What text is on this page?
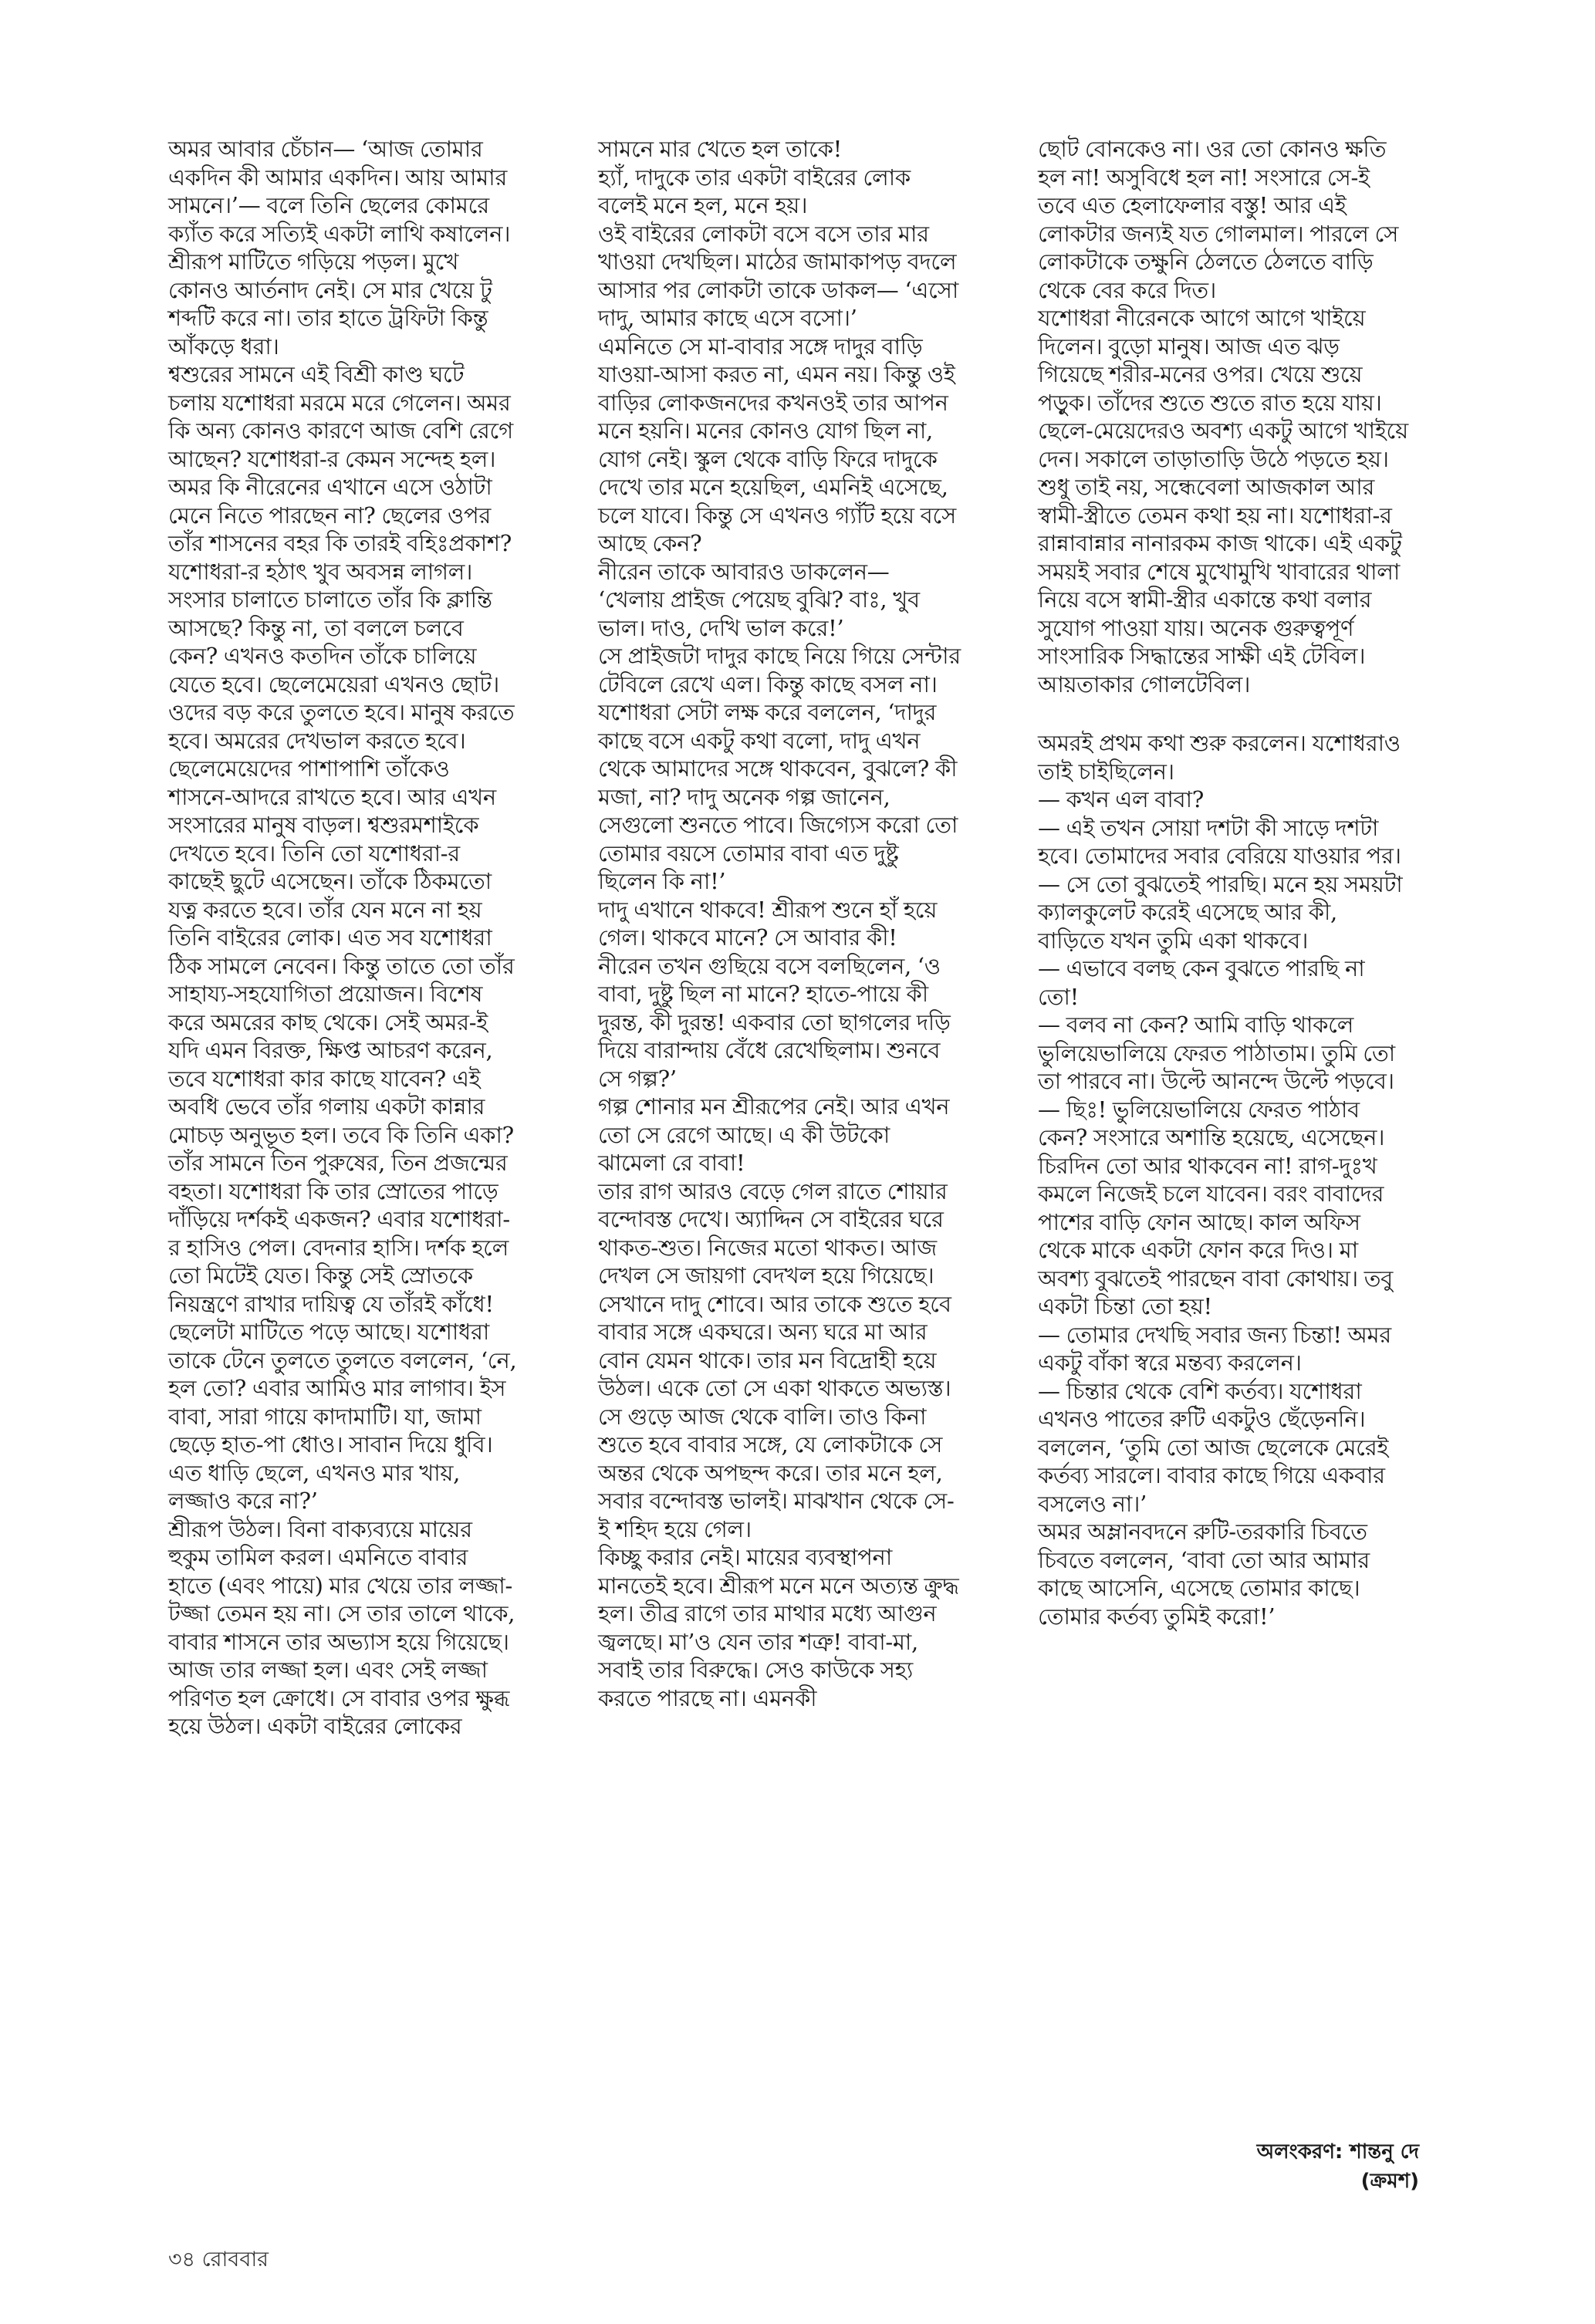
অমর আবার চেঁচান— ‘আজ তোমার একদিন কী আমার একদিন। আয় আমার সামনে।’— বলে তিনি ছেলের কোমরে ক্যাঁত করে সত্যিই একটা লাথি কষালেন। শ্রীরূপ মাটিতে গড়িয়ে পড়ল। মুখে কোনও আর্তনাদ নেই। সে মার খেয়ে টু শব্দটি করে না। তার হাতে ট্রফিটা কিন্তু আঁকড়ে ধরা।

শ্বশুরের সামনে এই বিশ্রী কাণ্ড ঘটে চলায় যশোধরা মরমে মরে গেলেন। অমর কি অন্য কোনও কারণে আজ বেশি রেগে আছেন? যশোধরা-র কেমন সন্দেহ হল। অমর কি নীরেনের এখানে এসে ওঠাটা মেনে নিতে পারছেন না? ছেলের ওপর তাঁর শাসনের বহর কি তারই বহিঃপ্রকাশ?

যশোধরা-র হঠাৎ খুব অবসন্ন লাগল। সংসার চালাতে চালাতে তাঁর কি ক্লান্তি আসছে? কিন্তু না, তা বললে চলবে কেন? এখনও কতদিন তাঁকে চালিয়ে যেতে হবে। ছেলেমেয়েরা এখনও ছোট। ওদের বড় করে তুলতে হবে। মানুষ করতে হবে। অমরের দেখভাল করতে হবে। ছেলেমেয়েদের পাশাপাশি তাঁকেও শাসনে-আদরে রাখতে হবে। আর এখন সংসারের মানুষ বাড়ল। শ্বশুরমশাইকে দেখতে হবে। তিনি তো যশোধরা-র কাছেই ছুটে এসেছেন। তাঁকে ঠিকমতো যত্ন করতে হবে। তাঁর যেন মনে না হয় তিনি বাইরের লোক। এত সব যশোধরা ঠিক সামলে নেবেন। কিন্তু তাতে তো তাঁর সাহায্য-সহযোগিতা প্রয়োজন। বিশেষ করে অমরের কাছ থেকে। সেই অমর-ই যদি এমন বিরক্ত, ক্ষিপ্ত আচরণ করেন, তবে যশোধরা কার কাছে যাবেন? এই অবধি ভেবে তাঁর গলায় একটা কান্নার মোচড় অনুভূত হল। তবে কি তিনি একা?

তাঁর সামনে তিন পুরুষের, তিন প্রজন্মের বহতা। যশোধরা কি তার স্রোতের পাড়ে দাঁড়িয়ে দর্শকই একজন? এবার যশোধরা-র হাসিও পেল। বেদনার হাসি। দর্শক হলে তো মিটেই যেত। কিন্তু সেই স্রোতকে নিয়ন্ত্রণে রাখার দায়িত্ব যে তাঁরই কাঁধে!

ছেলেটা মাটিতে পড়ে আছে। যশোধরা তাকে টেনে তুলতে তুলতে বললেন, ‘নে, হল তো? এবার আমিও মার লাগাব। ইস বাবা, সারা গায়ে কাদামাটি। যা, জামা ছেড়ে হাত-পা ধোও। সাবান দিয়ে ধুবি। এত ধাড়ি ছেলে, এখনও মার খায়, লজ্জাও করে না?’

শ্রীরূপ উঠল। বিনা বাক্যব্যয়ে মায়ের হুকুম তামিল করল। এমনিতে বাবার হাতে (এবং পায়ে) মার খেয়ে তার লজ্জা-টজ্জা তেমন হয় না। সে তার তালে থাকে, বাবার শাসনে তার অভ্যাস হয়ে গিয়েছে। আজ তার লজ্জা হল। এবং সেই লজ্জা পরিণত হল ক্রোধে। সে বাবার ওপর ক্ষুব্ধ হয়ে উঠল। একটা বাইরের লোকের

সামনে মার খেতে হল তাকে!

হ্যাঁ, দাদুকে তার একটা বাইরের লোক বলেই মনে হল, মনে হয়।

ওই বাইরের লোকটা বসে বসে তার মার খাওয়া দেখছিল। মাঠের জামাকাপড় বদলে আসার পর লোকটা তাকে ডাকল— ‘এসো দাদু, আমার কাছে এসে বসো।’

এমনিতে সে মা-বাবার সঙ্গে দাদুর বাড়ি যাওয়া-আসা করত না, এমন নয়। কিন্তু ওই বাড়ির লোকজনদের কখনওই তার আপন মনে হয়নি। মনের কোনও যোগ ছিল না, যোগ নেই। স্কুল থেকে বাড়ি ফিরে দাদুকে দেখে তার মনে হয়েছিল, এমনিই এসেছে, চলে যাবে। কিন্তু সে এখনও গ্যাঁট হয়ে বসে আছে কেন?

নীরেন তাকে আবারও ডাকলেন— ‘খেলায় প্রাইজ পেয়েছ বুঝি? বাঃ, খুব ভাল। দাও, দেখি ভাল করে!’

সে প্রাইজটা দাদুর কাছে নিয়ে গিয়ে সেন্টার টেবিলে রেখে এল। কিন্তু কাছে বসল না। যশোধরা সেটা লক্ষ করে বললেন, ‘দাদুর কাছে বসে একটু কথা বলো, দাদু এখন থেকে আমাদের সঙ্গে থাকবেন, বুঝলে? কী মজা, না? দাদু অনেক গল্প জানেন, সেগুলো শুনতে পাবে। জিগ্যেস করো তো তোমার বয়সে তোমার বাবা এত দুষ্টু ছিলেন কি না!’

দাদু এখানে থাকবে! শ্রীরূপ শুনে হাঁ হয়ে গেল। থাকবে মানে? সে আবার কী!

নীরেন তখন গুছিয়ে বসে বলছিলেন, ‘ও বাবা, দুষ্টু ছিল না মানে? হাতে-পায়ে কী দুরন্ত, কী দুরন্ত! একবার তো ছাগলের দড়ি দিয়ে বারান্দায় বেঁধে রেখেছিলাম। শুনবে সে গল্প?’

গল্প শোনার মন শ্রীরূপের নেই। আর এখন তো সে রেগে আছে। এ কী উটকো ঝামেলা রে বাবা!

তার রাগ আরও বেড়ে গেল রাতে শোয়ার বন্দোবস্ত দেখে। অ্যাদ্দিন সে বাইরের ঘরে থাকত-শুত। নিজের মতো থাকত। আজ দেখল সে জায়গা বেদখল হয়ে গিয়েছে। সেখানে দাদু শোবে। আর তাকে শুতে হবে বাবার সঙ্গে একঘরে। অন্য ঘরে মা আর বোন যেমন থাকে। তার মন বিদ্রোহী হয়ে উঠল। একে তো সে একা থাকতে অভ্যস্ত। সে গুড়ে আজ থেকে বালি। তাও কিনা শুতে হবে বাবার সঙ্গে, যে লোকটাকে সে অন্তর থেকে অপছন্দ করে। তার মনে হল, সবার বন্দোবস্ত ভালই। মাঝখান থেকে সে-ই শহিদ হয়ে গেল।

কিচ্ছু করার নেই। মায়ের ব্যবস্থাপনা মানতেই হবে। শ্রীরূপ মনে মনে অত্যন্ত ক্রুদ্ধ হল। তীব্র রাগে তার মাথার মধ্যে আগুন জ্বলছে। মা’ও যেন তার শত্রু! বাবা-মা, সবাই তার বিরুদ্ধে। সেও কাউকে সহ্য করতে পারছে না। এমনকী

ছোট বোনকেও না। ওর তো কোনও ক্ষতি হল না! অসুবিধে হল না! সংসারে সে-ই তবে এত হেলাফেলার বস্তু! আর এই লোকটার জন্যই যত গোলমাল। পারলে সে লোকটাকে তক্ষুনি ঠেলতে ঠেলতে বাড়ি থেকে বের করে দিত।

যশোধরা নীরেনকে আগে আগে খাইয়ে দিলেন। বুড়ো মানুষ। আজ এত ঝড় গিয়েছে শরীর-মনের ওপর। খেয়ে শুয়ে পড়ুক। তাঁদের শুতে শুতে রাত হয়ে যায়। ছেলে-মেয়েদেরও অবশ্য একটু আগে খাইয়ে দেন। সকালে তাড়াতাড়ি উঠে পড়তে হয়। শুধু তাই নয়, সন্ধেবেলা আজকাল আর স্বামী-স্ত্রীতে তেমন কথা হয় না। যশোধরা-র রান্নাবান্নার নানারকম কাজ থাকে। এই একটু সময়ই সবার শেষে মুখোমুখি খাবারের থালা নিয়ে বসে স্বামী-স্ত্রীর একান্তে কথা বলার সুযোগ পাওয়া যায়। অনেক গুরুত্বপূর্ণ সাংসারিক সিদ্ধান্তের সাক্ষী এই টেবিল। আয়তাকার গোলটেবিল।

অমরই প্রথম কথা শুরু করলেন। যশোধরাও তাই চাইছিলেন।

— কখন এল বাবা?

— এই তখন সোয়া দশটা কী সাড়ে দশটা হবে। তোমাদের সবার বেরিয়ে যাওয়ার পর।

— সে তো বুঝতেই পারছি। মনে হয় সময়টা ক্যালকুলেট করেই এসেছে আর কী, বাড়িতে যখন তুমি একা থাকবে।

— এভাবে বলছ কেন বুঝতে পারছি না তো!

— বলব না কেন? আমি বাড়ি থাকলে ভুলিয়েভালিয়ে ফেরত পাঠাতাম। তুমি তো তা পারবে না। উল্টে আনন্দে উল্টে পড়বে।

— ছিঃ! ভুলিয়েভালিয়ে ফেরত পাঠাব কেন? সংসারে অশান্তি হয়েছে, এসেছেন। চিরদিন তো আর থাকবেন না! রাগ-দুঃখ কমলে নিজেই চলে যাবেন। বরং বাবাদের পাশের বাড়ি ফোন আছে। কাল অফিস থেকে মাকে একটা ফোন করে দিও। মা অবশ্য বুঝতেই পারছেন বাবা কোথায়। তবু একটা চিন্তা তো হয়!

— তোমার দেখছি সবার জন্য চিন্তা! অমর একটু বাঁকা স্বরে মন্তব্য করলেন।

— চিন্তার থেকে বেশি কর্তব্য। যশোধরা এখনও পাতের রুটি একটুও ছেঁড়েননি। বললেন, ‘তুমি তো আজ ছেলেকে মেরেই কর্তব্য সারলে। বাবার কাছে গিয়ে একবার বসলেও না।’

অমর অম্লানবদনে রুটি-তরকারি চিবতে চিবতে বললেন, ‘বাবা তো আর আমার কাছে আসেনি, এসেছে তোমার কাছে। তোমার কর্তব্য তুমিই করো!’

অলংকরণ: শান্তনু দে
(ক্রমশ)
৩৪ রোববার
